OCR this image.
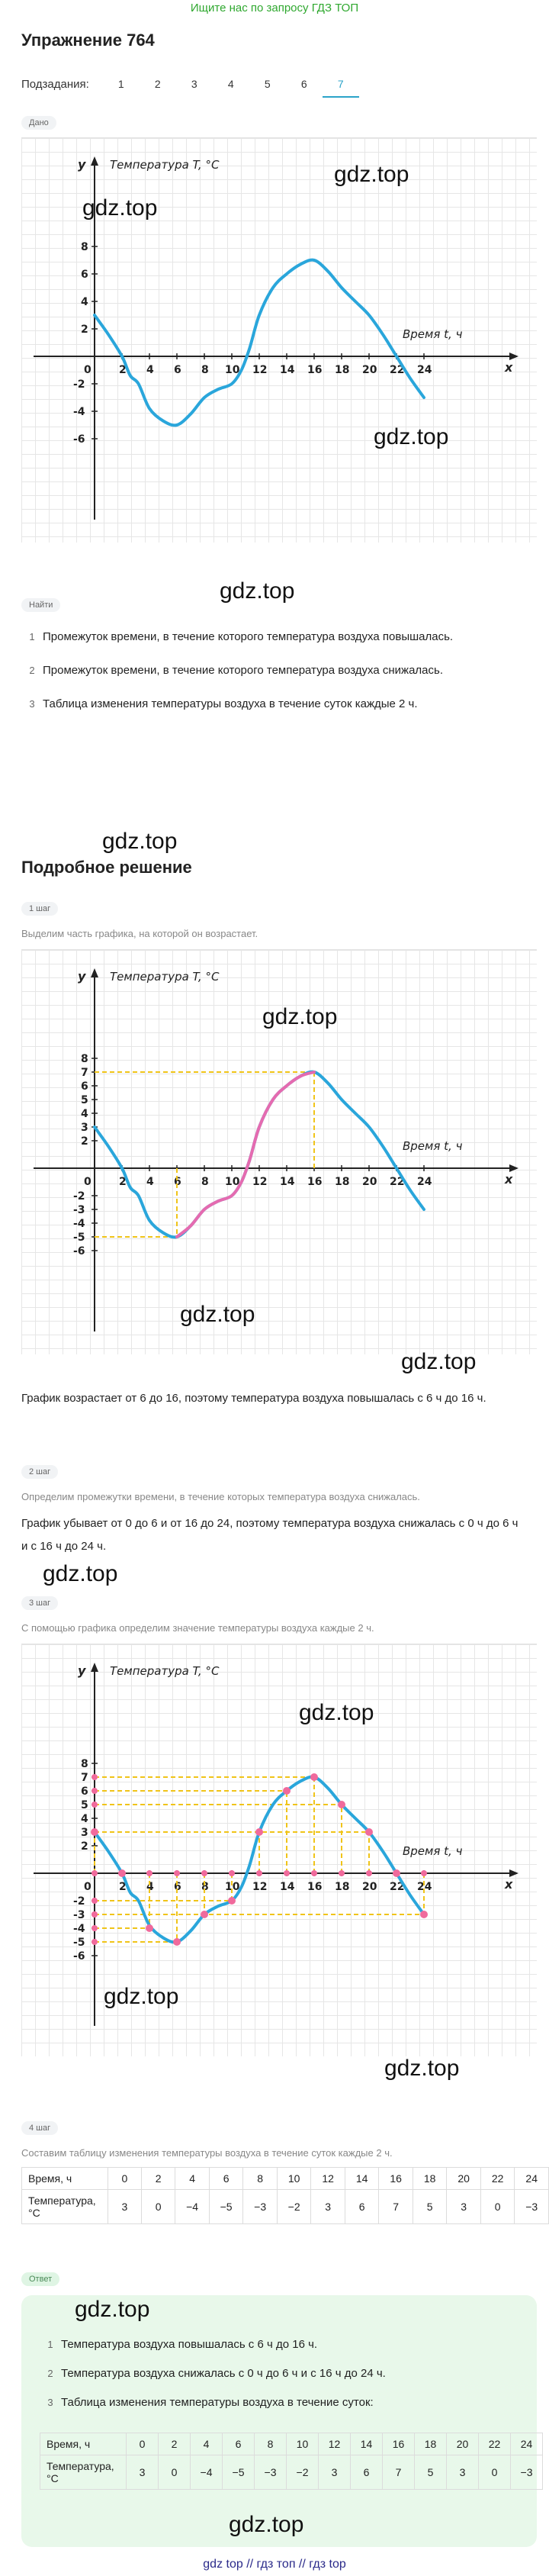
Ищите нас по запросу ГДЗ ТОП
Упражнение 764
Подзадания:	1	2	3	4	5	6	7
Дано
y
x
Температура T, °C
Время t, ч
0	2 4 6 8 10 12 14 16 18 20 22 24
2
4
6
8
-2
-4
-6
gdz.top
gdz.top
gdz.top
gdz.top
Найти
1 Промежуток времени, в течение которого температура воздуха повышалась.
2 Промежуток времени, в течение которого температура воздуха снижалась.
3 Таблица изменения температуры воздуха в течение суток каждые 2 ч.
gdz.top
Подробное решение
1 шаг
Выделим часть графика, на которой он возрастает.
y
x
Температура T, °C
Время t, ч
0	2 4 6 8 10 12 14 16 18 20 22 24
2
3
4
5
6
7
8
-2
-3
-4
-5
-6
gdz.top
gdz.top
gdz.top
График возрастает от 6 до 16, поэтому температура воздуха повышалась с 6 ч до 16 ч.
2 шаг
Определим промежутки времени, в течение которых температура воздуха снижалась.
График убывает от 0 до 6 и от 16 до 24, поэтому температура воздуха снижалась с 0 ч до 6 ч и с 16 ч до 24 ч.
gdz.top
3 шаг
С помощью графика определим значение температуры воздуха каждые 2 ч.
y
x
Температура T, °C
Время t, ч
0	2 4 6 8 10 12 14 16 18 20 22 24
2
3
4
5
6
7
8
-2
-3
-4
-5
-6
gdz.top
gdz.top
gdz.top
4 шаг
Составим таблицу изменения температуры воздуха в течение суток каждые 2 ч.
Время, ч	0	2	4	6	8	10	12	14	16	18	20	22	24
Температура, °С	3	0	−4	−5	−3	−2	3	6	7	5	3	0	−3
Ответ
gdz.top
1 Температура воздуха повышалась с 6 ч до 16 ч.
2 Температура воздуха снижалась с 0 ч до 6 ч и с 16 ч до 24 ч.
3 Таблица изменения температуры воздуха в течение суток:
Время, ч	0	2	4	6	8	10	12	14	16	18	20	22	24
Температура, °С	3	0	−4	−5	−3	−2	3	6	7	5	3	0	−3
gdz.top
gdz top // гдз топ // гдз top
